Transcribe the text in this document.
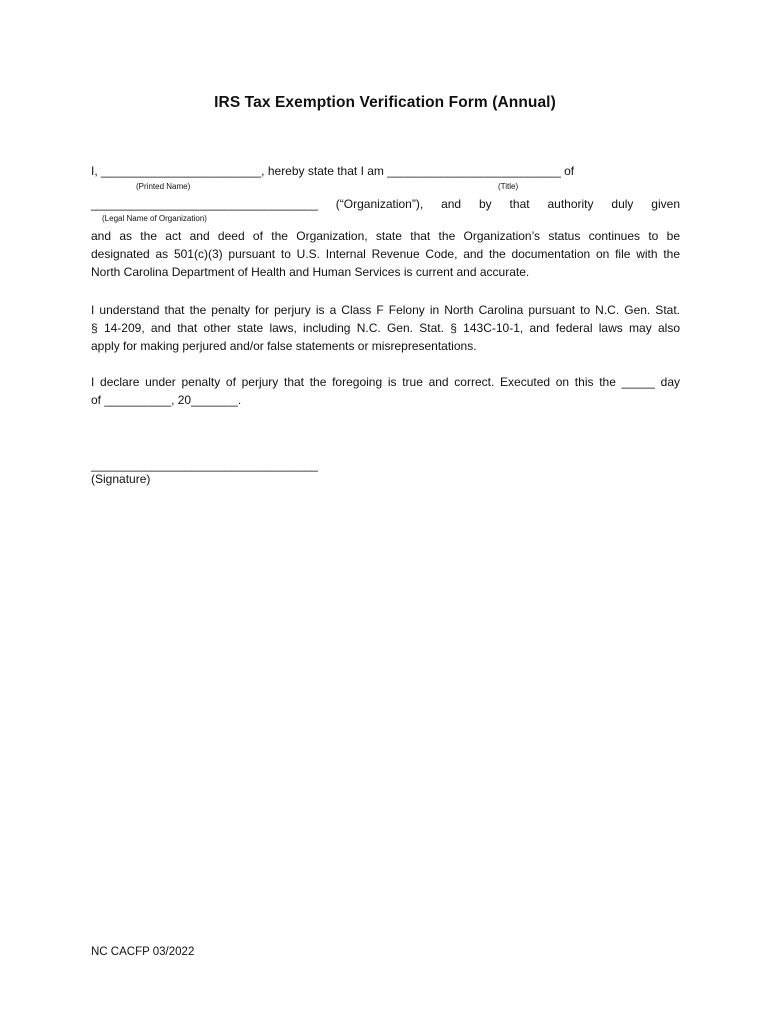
IRS Tax Exemption Verification Form (Annual)
I, ________________________, hereby state that I am __________________________ of
(Printed Name)	(Title)
__________________________________ (“Organization”), and by that authority duly given
(Legal Name of Organization)
and as the act and deed of the Organization, state that the Organization’s status continues to be
designated as 501(c)(3) pursuant to U.S. Internal Revenue Code, and the documentation on file with the
North Carolina Department of Health and Human Services is current and accurate.
I understand that the penalty for perjury is a Class F Felony in North Carolina pursuant to N.C. Gen. Stat.
§ 14-209, and that other state laws, including N.C. Gen. Stat. § 143C-10-1, and federal laws may also
apply for making perjured and/or false statements or misrepresentations.
I declare under penalty of perjury that the foregoing is true and correct. Executed on this the _____ day
of __________, 20_______.
__________________________________
(Signature)
NC CACFP 03/2022
